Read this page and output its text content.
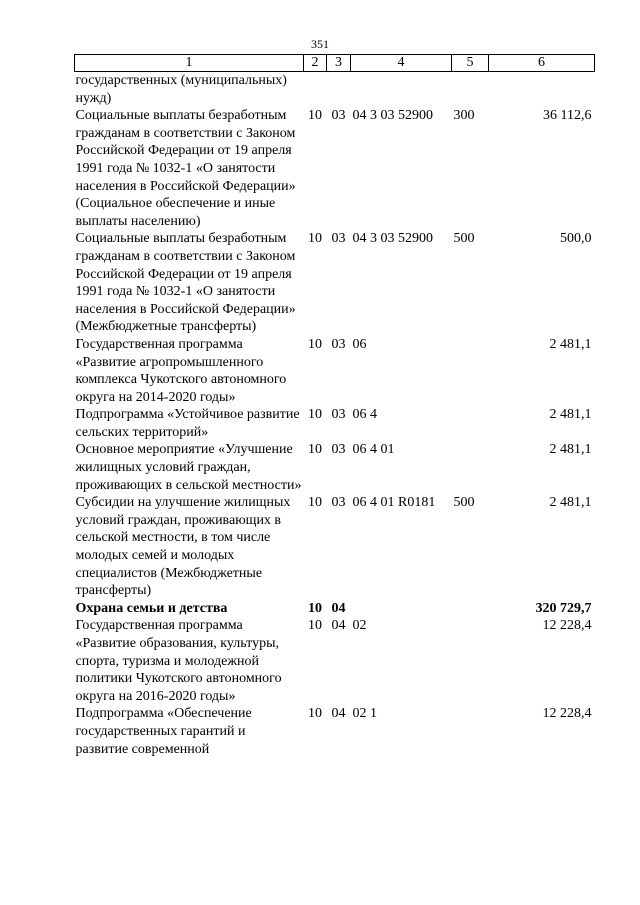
351
1	2	3	4	5	6
государственных (муниципальных) нужд)					
Социальные выплаты безработным гражданам в соответствии с Законом Российской Федерации от 19 апреля 1991 года № 1032-1 «О занятости населения в Российской Федерации» (Социальное обеспечение и иные выплаты населению)	10	03	04 3 03 52900	300	36 112,6
Социальные выплаты безработным гражданам в соответствии с Законом Российской Федерации от 19 апреля 1991 года № 1032-1 «О занятости населения в Российской Федерации» (Межбюджетные трансферты)	10	03	04 3 03 52900	500	500,0
Государственная программа «Развитие агропромышленного комплекса Чукотского автономного округа на 2014-2020 годы»	10	03	06		2 481,1
Подпрограмма «Устойчивое развитие сельских территорий»	10	03	06 4		2 481,1
Основное мероприятие «Улучшение жилищных условий граждан, проживающих в сельской местности»	10	03	06 4 01		2 481,1
Субсидии на улучшение жилищных условий граждан, проживающих в сельской местности, в том числе молодых семей и молодых специалистов (Межбюджетные трансферты)	10	03	06 4 01 R0181	500	2 481,1
Охрана семьи и детства	10	04			320 729,7
Государственная программа «Развитие образования, культуры, спорта, туризма и молодежной политики Чукотского автономного округа на 2016-2020 годы»	10	04	02		12 228,4
Подпрограмма «Обеспечение государственных гарантий и развитие современной	10	04	02 1		12 228,4
